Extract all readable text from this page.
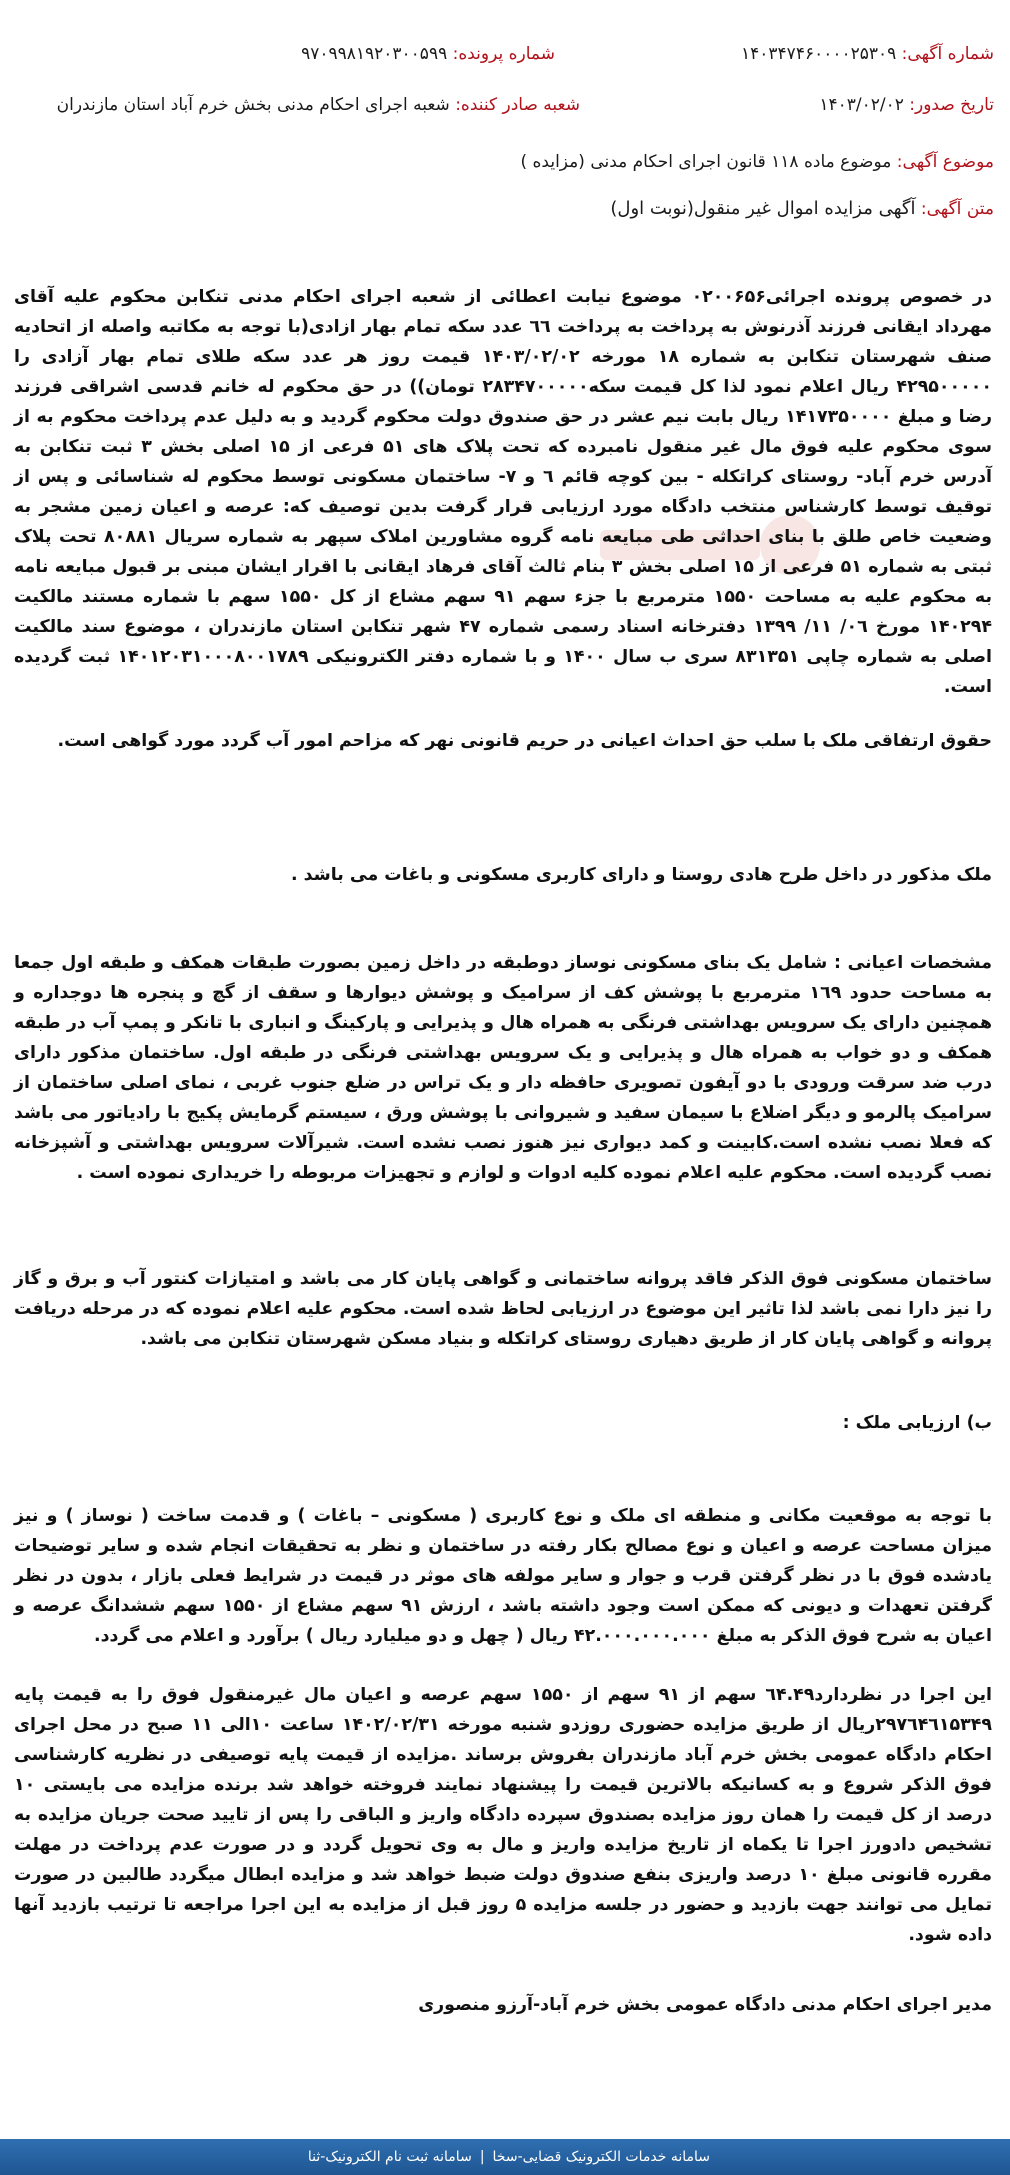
شماره آگهی: ۱۴۰۳۴۷۴۶۰۰۰۰۲۵۳۰۹
شماره پرونده: ۹۷۰۹۹۸۱۹۲۰۳۰۰۵۹۹
تاریخ صدور: ۱۴۰۳/۰۲/۰۲
شعبه صادر کننده: شعبه اجرای احکام مدنی بخش خرم آباد استان مازندران
موضوع آگهی: موضوع ماده ۱۱۸ قانون اجرای احکام مدنی (مزایده )
متن آگهی: آگهی مزایده اموال غیر منقول(نوبت اول)
در خصوص پرونده اجرائی۰۲۰۰۶۵۶ موضوع نیابت اعطائی از شعبه اجرای احکام مدنی تنکابن محکوم علیه آقای مهرداد ایقانی فرزند آذرنوش به پرداخت به پرداخت ٦٦ عدد سکه تمام بهار ازادی(با توجه به مکاتبه واصله از اتحادیه صنف شهرستان تنکابن به شماره ۱۸ مورخه ۱۴۰۳/۰۲/۰۲ قیمت روز هر عدد سکه طلای تمام بهار آزادی را ۴۲۹۵۰۰۰۰۰ ریال اعلام نمود لذا کل قیمت سکه۲۸۳۴۷۰۰۰۰۰ تومان)) در حق محکوم له خانم قدسی اشراقی فرزند رضا و مبلغ ۱۴۱۷۳۵۰۰۰۰ ریال بابت نیم عشر در حق صندوق دولت محکوم گردید و به دلیل عدم پرداخت محکوم به از سوی محکوم علیه فوق مال غیر منقول نامبرده که تحت پلاک های ۵۱ فرعی از ۱۵ اصلی بخش ۳ ثبت تنکابن به آدرس خرم آباد- روستای کراتکله - بین کوچه قائم ٦ و ۷- ساختمان مسکونی توسط محکوم له شناسائی و پس از توقیف توسط کارشناس منتخب دادگاه مورد ارزیابی قرار گرفت بدین توصیف که: عرصه و اعیان زمین مشجر به وضعیت خاص طلق با بنای احداثی طی مبایعه نامه گروه مشاورین املاک سپهر به شماره سریال ۸۰۸۸۱ تحت پلاک ثبتی به شماره ۵۱ فرعی از ۱۵ اصلی بخش ۳ بنام ثالث آقای فرهاد ایقانی با اقرار ایشان مبنی بر قبول مبایعه نامه به محکوم علیه به مساحت ۱۵۵۰ مترمربع با جزء سهم ۹۱ سهم مشاع از کل ۱۵۵۰ سهم با شماره مستند مالکیت ۱۴۰۲۹۴ مورخ ۰٦/ ۱۱/ ۱۳۹۹ دفترخانه اسناد رسمی شماره ۴۷ شهر تنکابن استان مازندران ، موضوع سند مالکیت اصلی به شماره چاپی ۸۳۱۳۵۱ سری ب سال ۱۴۰۰ و با شماره دفتر الکترونیکی ۱۴۰۱۲۰۳۱۰۰۰۸۰۰۱۷۸۹ ثبت گردیده است.
حقوق ارتفاقی ملک با سلب حق احداث اعیانی در حریم قانونی نهر که مزاحم امور آب گردد مورد گواهی است.
ملک مذکور در داخل طرح هادی روستا و دارای کاربری مسکونی و باغات می باشد .
مشخصات اعیانی : شامل یک بنای مسکونی نوساز دوطبقه در داخل زمین بصورت طبقات همکف و طبقه اول جمعا به مساحت حدود ۱٦۹ مترمربع با پوشش کف از سرامیک و پوشش دیوارها و سقف از گچ و پنجره ها دوجداره و همچنین دارای یک سرویس بهداشتی فرنگی به همراه هال و پذیرایی و پارکینگ و انباری با تانکر و پمپ آب در طبقه همکف و دو خواب به همراه هال و پذیرایی و یک سرویس بهداشتی فرنگی در طبقه اول. ساختمان مذکور دارای درب ضد سرقت ورودی با دو آیفون تصویری حافظه دار و یک تراس در ضلع جنوب غربی ، نمای اصلی ساختمان از سرامیک پالرمو و دیگر اضلاع با سیمان سفید و شیروانی با پوشش ورق ، سیستم گرمایش پکیج با رادیاتور می باشد که فعلا نصب نشده است.کابینت و کمد دیواری نیز هنوز نصب نشده است. شیرآلات سرویس بهداشتی و آشپزخانه نصب گردیده است. محکوم علیه اعلام نموده کلیه ادوات و لوازم و تجهیزات مربوطه را خریداری نموده است .
ساختمان مسکونی فوق الذکر فاقد پروانه ساختمانی و گواهی پایان کار می باشد و امتیازات کنتور آب و برق و گاز را نیز دارا نمی باشد لذا تاثیر این موضوع در ارزیابی لحاظ شده است. محکوم علیه اعلام نموده که در مرحله دریافت پروانه و گواهی پایان کار از طریق دهیاری روستای کراتکله و بنیاد مسکن شهرستان تنکابن می باشد.
ب) ارزیابی ملک :
با توجه به موقعیت مکانی و منطقه ای ملک و نوع کاربری ( مسکونی – باغات ) و قدمت ساخت ( نوساز ) و نیز میزان مساحت عرصه و اعیان و نوع مصالح بکار رفته در ساختمان و نظر به تحقیقات انجام شده و سایر توضیحات یادشده فوق با در نظر گرفتن قرب و جوار و سایر مولفه های موثر در قیمت در شرایط فعلی بازار ، بدون در نظر گرفتن تعهدات و دیونی که ممکن است وجود داشته باشد ، ارزش ۹۱ سهم مشاع از ۱۵۵۰ سهم ششدانگ عرصه و اعیان به شرح فوق الذکر به مبلغ ۴۲.۰۰۰.۰۰۰.۰۰۰ ریال ( چهل و دو میلیارد ریال ) برآورد و اعلام می گردد.
این اجرا در نظردارد٦۴.۴۹ سهم از ۹۱ سهم از ۱۵۵۰ سهم عرصه و اعیان مال غیرمنقول فوق را به قیمت پایه ۲۹۷٦۴٦۱۵۳۴۹ریال از طریق مزایده حضوری روزدو شنبه مورخه ۱۴۰۲/۰۲/۳۱ ساعت ۱۰الی ۱۱ صبح در محل اجرای احکام دادگاه عمومی بخش خرم آباد مازندران بفروش برساند .مزایده از قیمت پایه توصیفی در نظریه کارشناسی فوق الذکر شروع و به کسانیکه بالاترین قیمت را پیشنهاد نمایند فروخته خواهد شد برنده مزایده می بایستی ۱۰ درصد از کل قیمت را همان روز مزایده بصندوق سپرده دادگاه واریز و الباقی را پس از تایید صحت جریان مزایده به تشخیص دادورز اجرا تا یکماه از تاریخ مزایده واریز و مال به وی تحویل گردد و در صورت عدم پرداخت در مهلت مقرره قانونی مبلغ ۱۰ درصد واریزی بنفع صندوق دولت ضبط خواهد شد و مزایده ابطال میگردد طالبین در صورت تمایل می توانند جهت بازدید و حضور در جلسه مزایده ۵ روز قبل از مزایده به این اجرا مراجعه تا ترتیب بازدید آنها داده شود.
مدیر اجرای احکام مدنی دادگاه عمومی بخش خرم آباد-آرزو منصوری
سامانه خدمات الکترونیک قضایی-سخا
|
سامانه ثبت نام الکترونیک-ثنا
